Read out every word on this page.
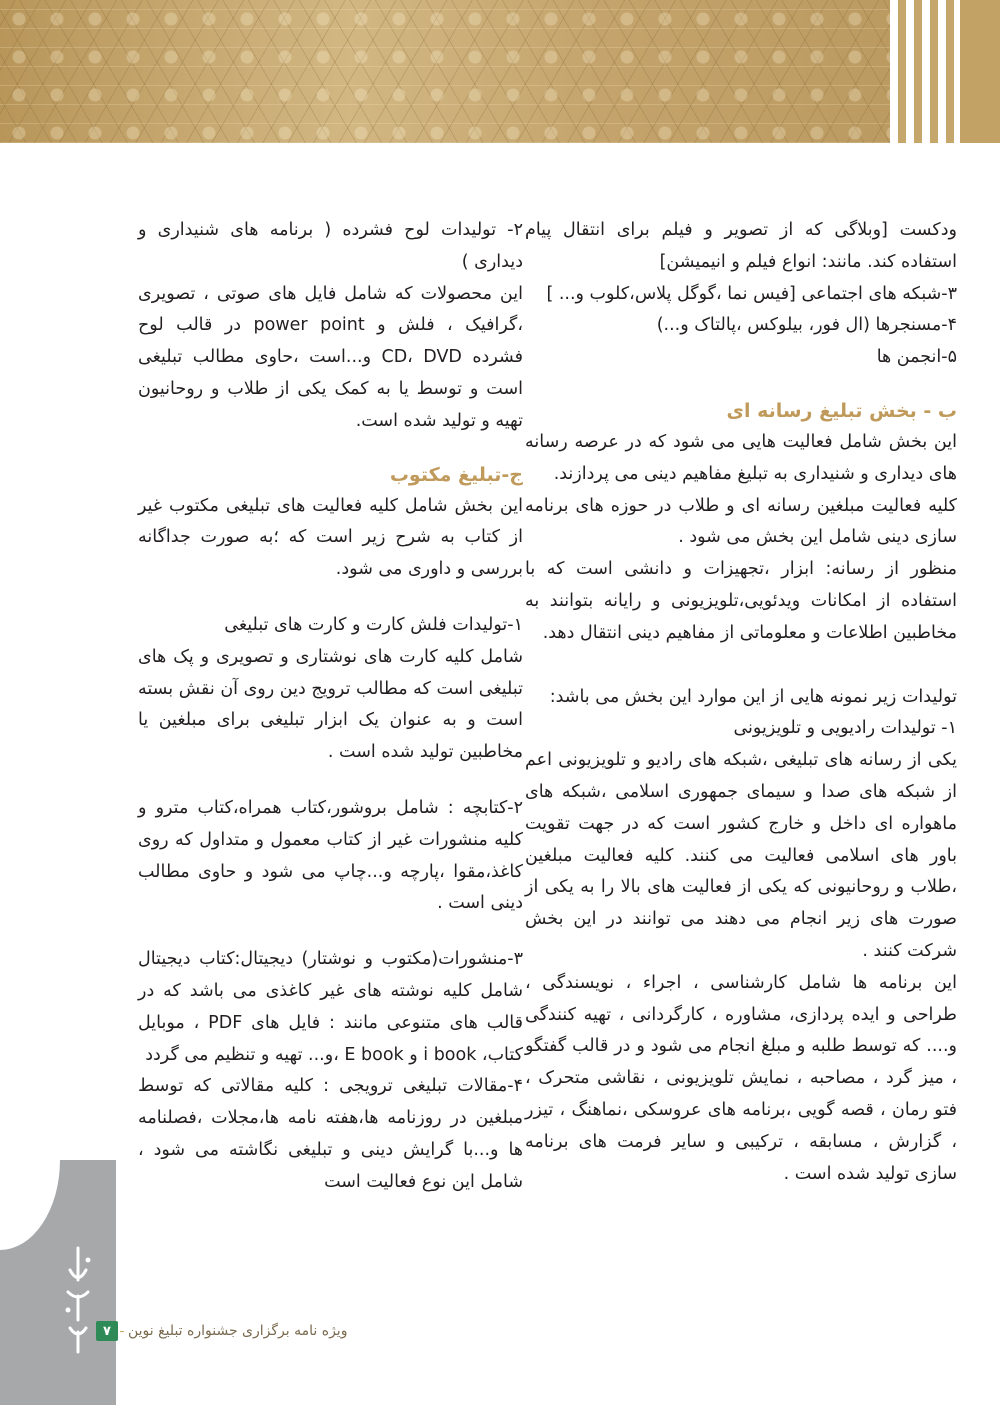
ودکست [وبلاگی که از تصویر و فیلم برای انتقال پیام استفاده کند. مانند: انواع فیلم و انیمیشن]

۳-شبکه های اجتماعی [فیس نما ،گوگل پلاس،کلوب و... ]

۴-مسنجرها (ال فور، بیلوکس ،پالتاک و...)

۵-انجمن ها

ب - بخش تبلیغ رسانه ای

این بخش شامل فعالیت هایی می شود که در عرصه رسانه های دیداری و شنیداری به تبلیغ مفاهیم دینی می پردازند.

کلیه فعالیت مبلغین رسانه ای و طلاب در حوزه های برنامه سازی دینی شامل این بخش می شود .

منظور از رسانه: ابزار ،تجهیزات و دانشی است که با استفاده از امکانات ویدئویی،تلویزیونی و رایانه بتوانند به مخاطبین اطلاعات و معلوماتی از مفاهیم دینی انتقال دهد.

تولیدات زیر نمونه هایی از این موارد این بخش می باشد:

۱- تولیدات رادیویی و تلویزیونی

یکی از رسانه های تبلیغی ،شبکه های رادیو و تلویزیونی اعم از شبکه های صدا و سیمای جمهوری اسلامی ،شبکه های ماهواره ای داخل و خارج کشور است که در جهت تقویت باور های اسلامی فعالیت می کنند. کلیه فعالیت مبلغین ،طلاب و روحانیونی که یکی از فعالیت های بالا را به یکی از صورت های زیر انجام می دهند می توانند در این بخش شرکت کنند .

این برنامه ها شامل کارشناسی ، اجراء ، نویسندگی ، طراحی و ایده پردازی، مشاوره ، کارگردانی ، تهیه کنندگی و.... که توسط طلبه و مبلغ انجام می شود و در قالب گفتگو ، میز گرد ، مصاحبه ، نمایش تلویزیونی ، نقاشی متحرک ، فتو رمان ، قصه گویی ،برنامه های عروسکی ،نماهنگ ، تیزر ، گزارش ، مسابقه ، ترکیبی و سایر فرمت های برنامه سازی تولید شده است .

۲- تولیدات لوح فشرده ( برنامه های شنیداری و دیداری )

این محصولات که شامل فایل های صوتی ، تصویری ،گرافیک ، فلش و power point در قالب لوح فشرده CD، DVD و...است ،حاوی مطالب تبلیغی است و توسط یا به کمک یکی از طلاب و روحانیون تهیه و تولید شده است.

ج-تبلیغ مکتوب

این بخش شامل کلیه فعالیت های تبلیغی مکتوب غیر از کتاب به شرح زیر است که ؛به صورت جداگانه بررسی و داوری می شود.

۱-تولیدات فلش کارت و کارت های تبلیغی

شامل کلیه کارت های نوشتاری و تصویری و پک های تبلیغی است که مطالب ترویج دین روی آن نقش بسته است و به عنوان یک ابزار تبلیغی برای مبلغین یا مخاطبین تولید شده است .

۲-کتابچه : شامل بروشور،کتاب همراه،کتاب مترو و کلیه منشورات غیر از کتاب معمول و متداول که روی کاغذ،مقوا ،پارچه و...چاپ می شود و حاوی مطالب دینی است .

۳-منشورات(مکتوب و نوشتار) دیجیتال:کتاب دیجیتال شامل کلیه نوشته های غیر کاغذی می باشد که در قالب های متنوعی مانند : فایل های PDF ، موبایل کتاب، i book و E book ،و... تهیه و تنظیم می گردد

۴-مقالات تبلیغی ترویجی : کلیه مقالاتی که توسط مبلغین در روزنامه ها،هفته نامه ها،مجلات ،فصلنامه ها و...با گرایش دینی و تبلیغی نگاشته می شود ، شامل این نوع فعالیت است

۷	ویژه نامه برگزاری جشنواره تبلیغ نوین
